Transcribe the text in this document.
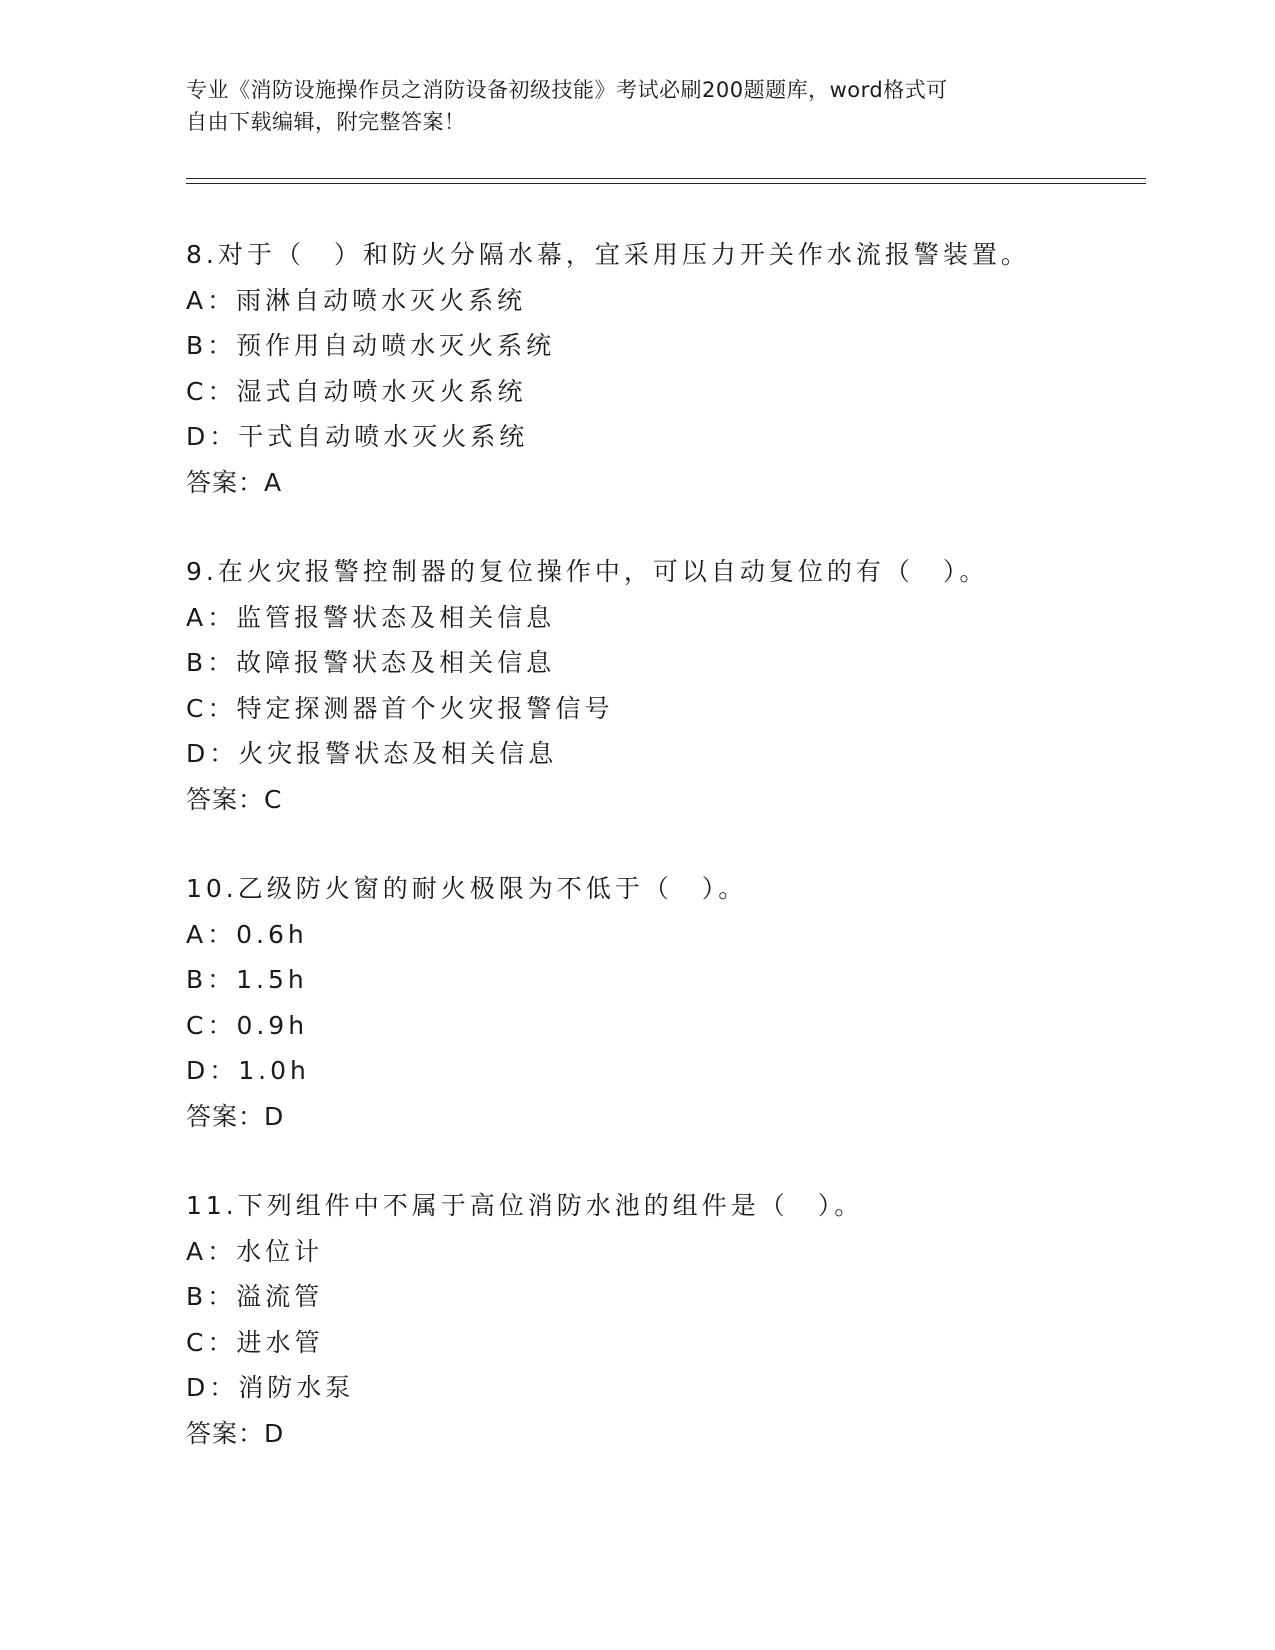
专业《消防设施操作员之消防设备初级技能》考试必刷200题题库，word格式可
自由下载编辑，附完整答案！
8.对于（　）和防火分隔水幕，宜采用压力开关作水流报警装置。
A：雨淋自动喷水灭火系统
B：预作用自动喷水灭火系统
C：湿式自动喷水灭火系统
D：干式自动喷水灭火系统
答案：A
9.在火灾报警控制器的复位操作中，可以自动复位的有（　）。
A：监管报警状态及相关信息
B：故障报警状态及相关信息
C：特定探测器首个火灾报警信号
D：火灾报警状态及相关信息
答案：C
10.乙级防火窗的耐火极限为不低于（　）。
A：0.6h
B：1.5h
C：0.9h
D：1.0h
答案：D
11.下列组件中不属于高位消防水池的组件是（　）。
A：水位计
B：溢流管
C：进水管
D：消防水泵
答案：D
